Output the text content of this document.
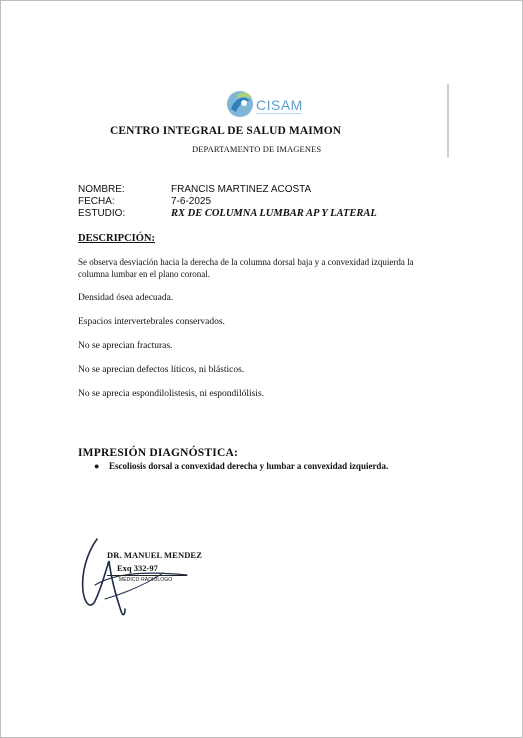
CISAM
CENTRO INTEGRAL DE SALUD MAIMON
DEPARTAMENTO DE IMAGENES
NOMBRE:	FRANCIS MARTINEZ ACOSTA
FECHA:	7-6-2025
ESTUDIO:	RX DE COLUMNA LUMBAR AP Y LATERAL
DESCRIPCIÓN:
Se observa desviación hacia la derecha de la columna dorsal baja y a convexidad izquierda la columna lumbar en el plano coronal.
Densidad ósea adecuada.
Espacios intervertebrales conservados.
No se aprecian fracturas.
No se aprecian defectos líticos, ni blásticos.
No se aprecia espondilolistesis, ni espondilólisis.
IMPRESIÓN DIAGNÓSTICA:
● Escoliosis dorsal a convexidad derecha y lumbar a convexidad izquierda.
DR. MANUEL MENDEZ
Exq 332-97
MÉDICO RADIÓLOGO
